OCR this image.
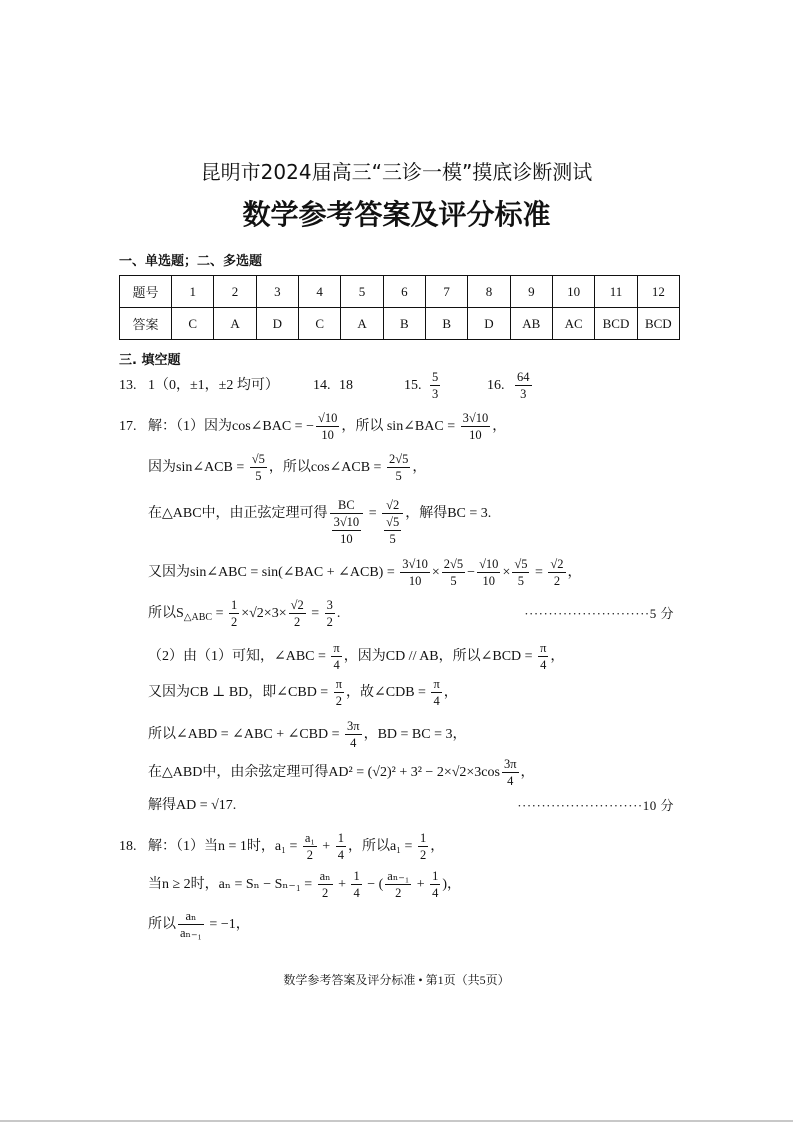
昆明市2024届高三“三诊一模”摸底诊断测试
数学参考答案及评分标准
一、单选题；二、多选题
题号	1	2	3	4	5	6	7	8	9	10	11	12
答案	C	A	D	C	A	B	B	D	AB	AC	BCD	BCD
三. 填空题
13. 1（0，±1，±2 均可） 14. 18	15. $\frac{5}{3}$	16. $\frac{64}{3}$
17. 解：（1）因为cos∠BAC = − $\frac{√10}{10}$ ，所以 sin∠BAC = $\frac{3√10}{10}$ ，
因为sin∠ACB = $\frac{√5}{5}$ ，所以cos∠ACB = $\frac{2√5}{5}$ ，
在△ABC中，由正弦定理可得 $\frac{BC}{\frac{3√10}{10}} = \frac{√2}{\frac{√5}{5}}$ ，解得BC = 3.
又因为sin∠ABC = sin(∠BAC + ∠ACB) = $\frac{3√10}{10} \times \frac{2√5}{5} - \frac{√10}{10} \times \frac{√5}{5} = \frac{√2}{2}$ ，
所以$S_{\triangle ABC} = \frac{1}{2} \times√2\times 3\times \frac{√2}{2} = \frac{3}{2}$ .	··························5 分
（2）由（1）可知，∠ABC = $\frac{\pi}{4}$ ，因为CD // AB，所以∠BCD = $\frac{\pi}{4}$ ，
又因为CB ⊥ BD，即∠CBD = $\frac{\pi}{2}$ ，故∠CDB = $\frac{\pi}{4}$ ，
所以∠ABD = ∠ABC + ∠CBD = $\frac{3\pi}{4}$ ，BD = BC = 3，
在△ABD中，由余弦定理可得$AD^2 = (√2)^2 + 3^2 - 2\times√2\times 3\cos \frac{3\pi}{4}$ ，
解得AD = √17.	··························10 分
18. 解：（1）当n = 1时，$a_1 = \frac{\text{a₁}}{2} + \frac{1}{4}$ ，所以$a_1 = \frac{1}{2}$ ，
当n ≥ 2时，$a_n = S_n - S_{n-1} = \frac{\text{aₙ}}{2} + \frac{1}{4}$ − ( $\frac{\text{aₙ₋₁}}{2} + \frac{1}{4}$ )，
所以 $\frac{\text{aₙ}}{\text{aₙ₋₁}} = -1$，
数学参考答案及评分标准 • 第1页（共5页）
